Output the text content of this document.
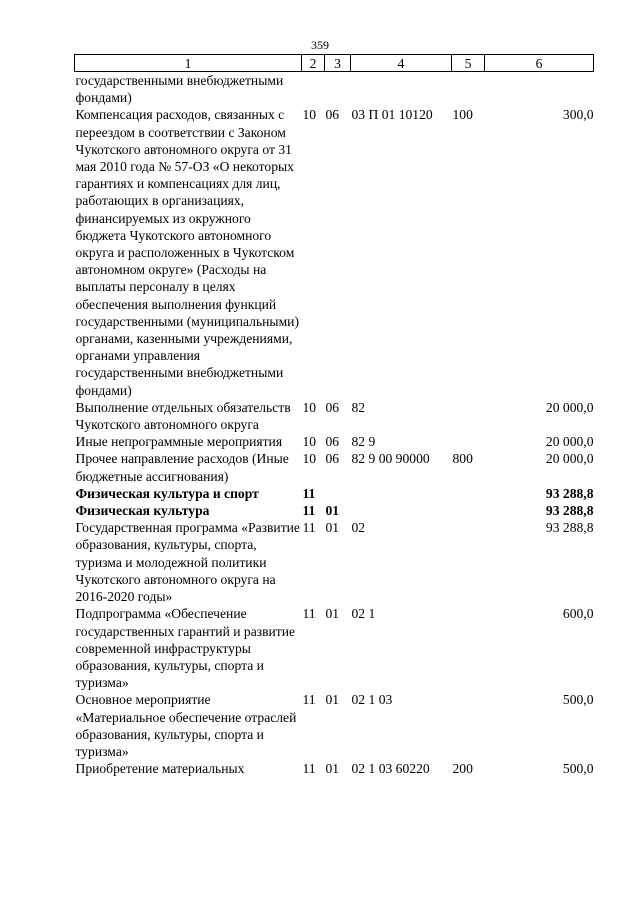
359
1	2	3	4	5	6
государственными внебюджетными фондами)					
Компенсация расходов, связанных с переездом в соответствии с Законом Чукотского автономного округа от 31 мая 2010 года № 57-ОЗ «О некоторых гарантиях и компенсациях для лиц, работающих в организациях, финансируемых из окружного бюджета Чукотского автономного округа и расположенных в Чукотском автономном округе» (Расходы на выплаты персоналу в целях обеспечения выполнения функций государственными (муниципальными) органами, казенными учреждениями, органами управления государственными внебюджетными фондами)	10	06	03 П 01 10120	100	300,0
Выполнение отдельных обязательств Чукотского автономного округа	10	06	82		20 000,0
Иные непрограммные мероприятия	10	06	82 9		20 000,0
Прочее направление расходов (Иные бюджетные ассигнования)	10	06	82 9 00 90000	800	20 000,0
Физическая культура и спорт	11				93 288,8
Физическая культура	11	01			93 288,8
Государственная программа «Развитие образования, культуры, спорта, туризма и молодежной политики Чукотского автономного округа на 2016-2020 годы»	11	01	02		93 288,8
Подпрограмма «Обеспечение государственных гарантий и развитие современной инфраструктуры образования, культуры, спорта и туризма»	11	01	02 1		600,0
Основное мероприятие «Материальное обеспечение отраслей образования, культуры, спорта и туризма»	11	01	02 1 03		500,0
Приобретение материальных	11	01	02 1 03 60220	200	500,0
